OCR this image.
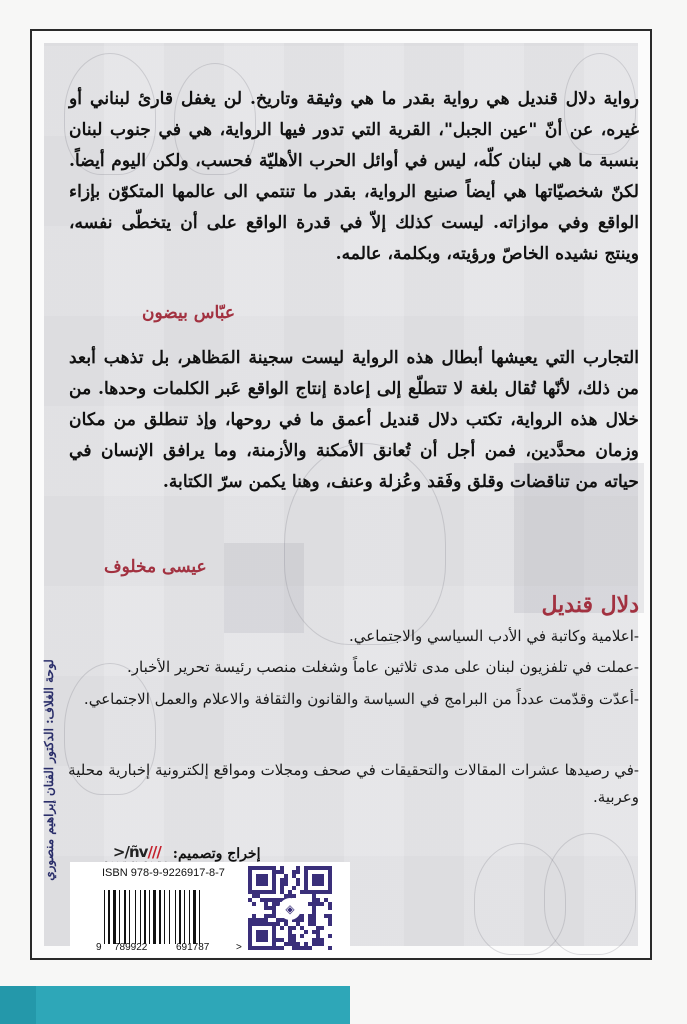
رواية دلال قنديل هي رواية بقدر ما هي وثيقة وتاريخ. لن يغفل قارئ لبناني أو غيره، عن أنّ "عين الجبل"، القرية التي تدور فيها الرواية، هي في جنوب لبنان بنسبة ما هي لبنان كلّه، ليس في أوائل الحرب الأهليّة فحسب، ولكن اليوم أيضاً. لكنّ شخصيّاتها هي أيضاً صنيع الرواية، بقدر ما تنتمي الى عالمها المتكوّن بإزاء الواقع وفي موازاته. ليست كذلك إلاّ في قدرة الواقع على أن يتخطّى نفسه، وينتج نشيده الخاصّ ورؤيته، وبكلمة، عالمه.
عبّاس بيضون
التجارب التي يعيشها أبطال هذه الرواية ليست سجينة المَظاهر، بل تذهب أبعد من ذلك، لأنّها تُقال بلغة لا تتطلّع إلى إعادة إنتاج الواقع عَبر الكلمات وحدها. من خلال هذه الرواية، تكتب دلال قنديل أعمق ما في روحها، وإذ تنطلق من مكان وزمان محدَّدين، فمن أجل أن تُعانق الأمكنة والأزمنة، وما يرافق الإنسان في حياته من تناقضات وقلق وفَقد وعُزلة وعنف، وهنا يكمن سرّ الكتابة.
عيسى مخلوف
دلال قنديل
-اعلامية وكاتبة في الأدب السياسي والاجتماعي.
-عملت في تلفزيون لبنان على مدى ثلاثين عاماً وشغلت منصب رئيسة تحرير الأخبار.
-أعدّت وقدّمت عدداً من البرامج في السياسة والقانون والثقافة والاعلام والعمل الاجتماعي.
-في رصيدها عشرات المقالات والتحقيقات في صحف ومجلات ومواقع إلكترونية إخبارية محلية وعربية.
لوحة الغلاف: الدكتور الفنان إبراهيم منصوري	إخراج وتصميم:
///ñv/<
ISBN 978-9-9226917-8-7
9 789922	691787	>
◈
